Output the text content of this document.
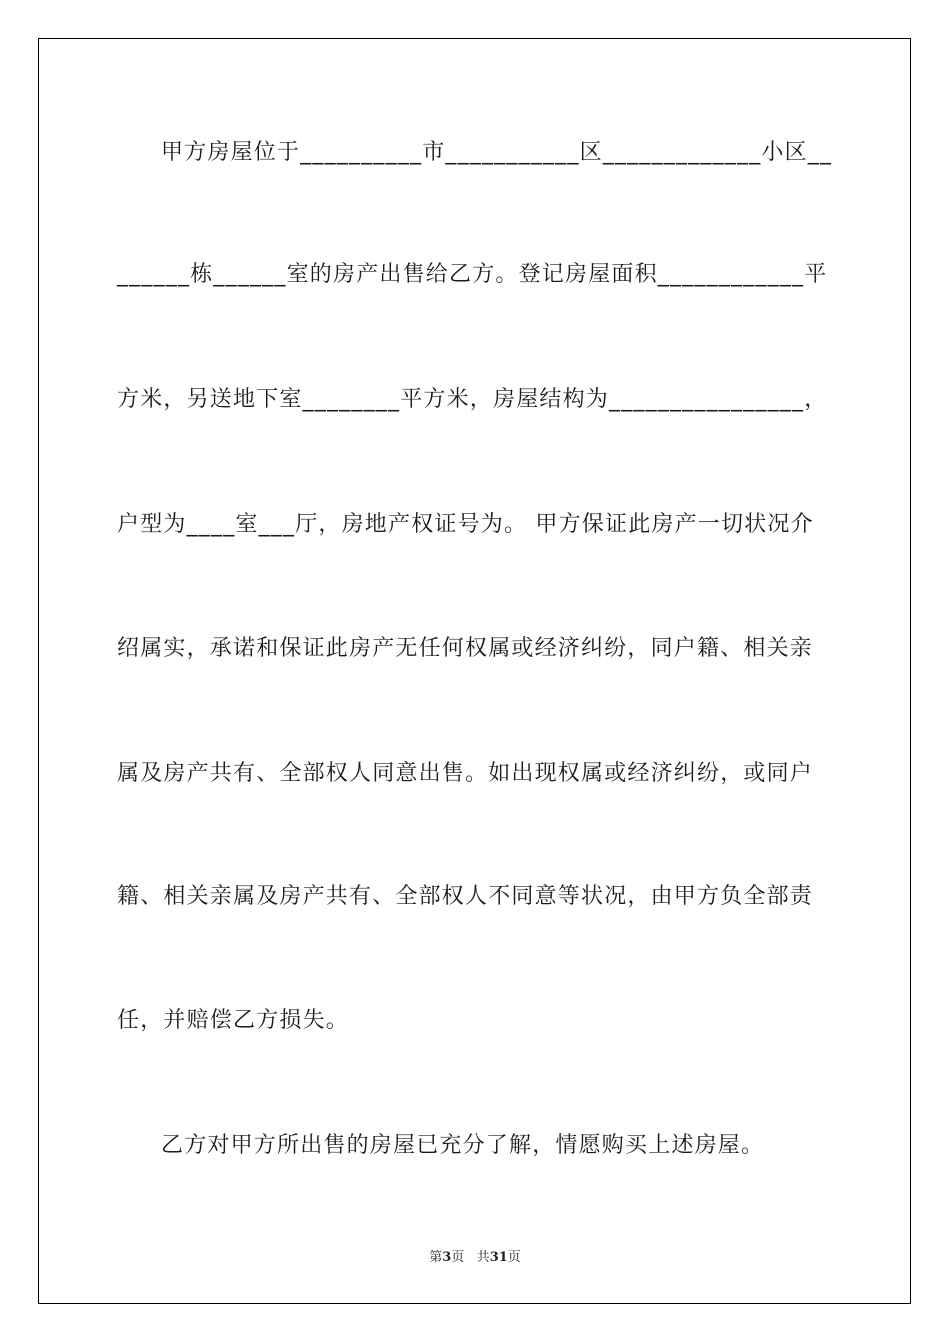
甲方房屋位于__________市___________区_____________小区__
______栋______室的房产出售给乙方。登记房屋面积____________平
方米，另送地下室________平方米，房屋结构为________________，
户型为____室___厅，房地产权证号为。 甲方保证此房产一切状况介
绍属实，承诺和保证此房产无任何权属或经济纠纷，同户籍、相关亲
属及房产共有、全部权人同意出售。如出现权属或经济纠纷，或同户
籍、相关亲属及房产共有、全部权人不同意等状况，由甲方负全部责
任，并赔偿乙方损失。
乙方对甲方所出售的房屋已充分了解，情愿购买上述房屋。
第3页 共31页
